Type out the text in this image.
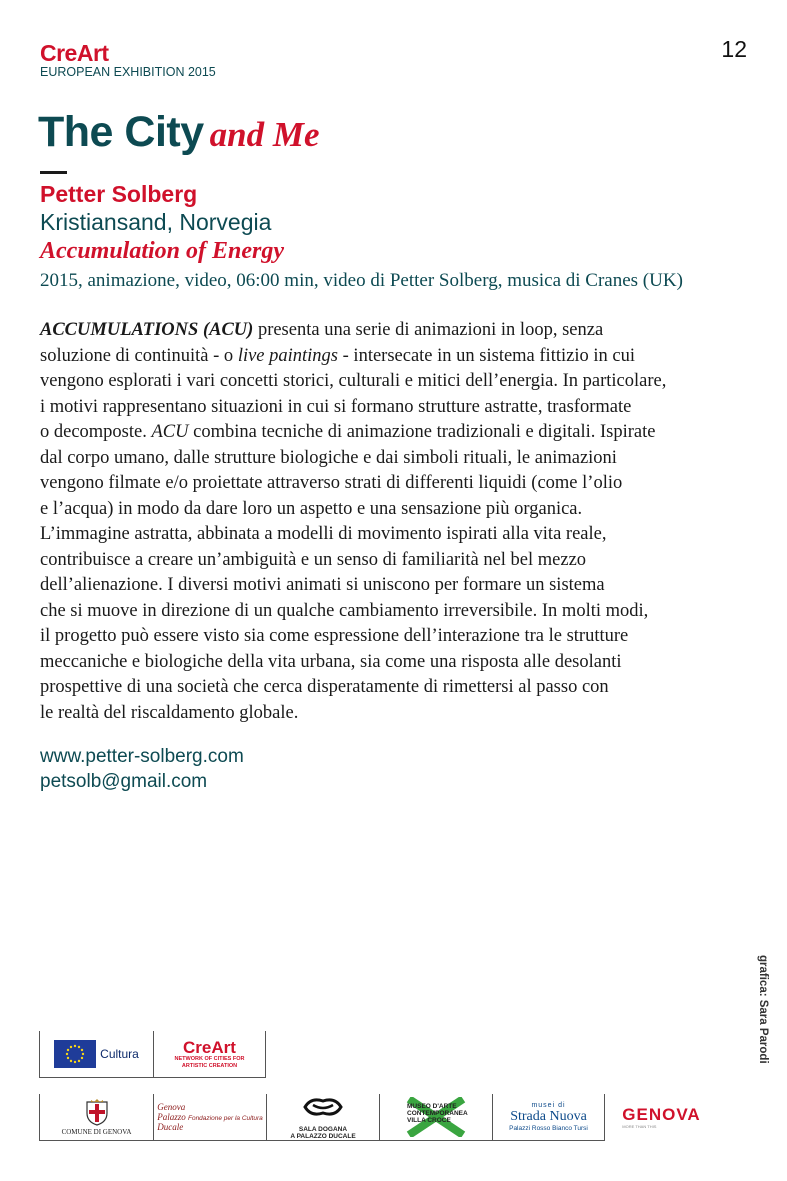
CreArt
EUROPEAN EXHIBITION 2015
12
The City and Me
Petter Solberg
Kristiansand, Norvegia
Accumulation of Energy
2015, animazione, video, 06:00 min, video di Petter Solberg, musica di Cranes (UK)
ACCUMULATIONS (ACU) presenta una serie di animazioni in loop, senza
soluzione di continuità - o live paintings - intersecate in un sistema fittizio in cui
vengono esplorati i vari concetti storici, culturali e mitici dell’energia. In particolare,
i motivi rappresentano situazioni in cui si formano strutture astratte, trasformate
o decomposte. ACU combina tecniche di animazione tradizionali e digitali. Ispirate
dal corpo umano, dalle strutture biologiche e dai simboli rituali, le animazioni
vengono filmate e/o proiettate attraverso strati di differenti liquidi (come l’olio
e l’acqua) in modo da dare loro un aspetto e una sensazione più organica.
L’immagine astratta, abbinata a modelli di movimento ispirati alla vita reale,
contribuisce a creare un’ambiguità e un senso di familiarità nel bel mezzo
dell’alienazione. I diversi motivi animati si uniscono per formare un sistema
che si muove in direzione di un qualche cambiamento irreversibile. In molti modi,
il progetto può essere visto sia come espressione dell’interazione tra le strutture
meccaniche e biologiche della vita urbana, sia come una risposta alle desolanti
prospettive di una società che cerca disperatamente di rimettersi al passo con
le realtà del riscaldamento globale.
www.petter-solberg.com
petsolb@gmail.com
grafica: Sara Parodi
Cultura	CreArt
NETWORK OF CITIES FOR
ARTISTIC CREATION
COMUNE DI GENOVA
Genova
Palazzo Fondazione per la Cultura
Ducale	SALA DOGANA
A PALAZZO DUCALE
MUSEO D'ARTE
CONTEMPORANEA
VILLA CROCE
musei di
Strada Nuova
Palazzi Rosso Bianco Tursi
GENOVA
MORE THAN THIS
